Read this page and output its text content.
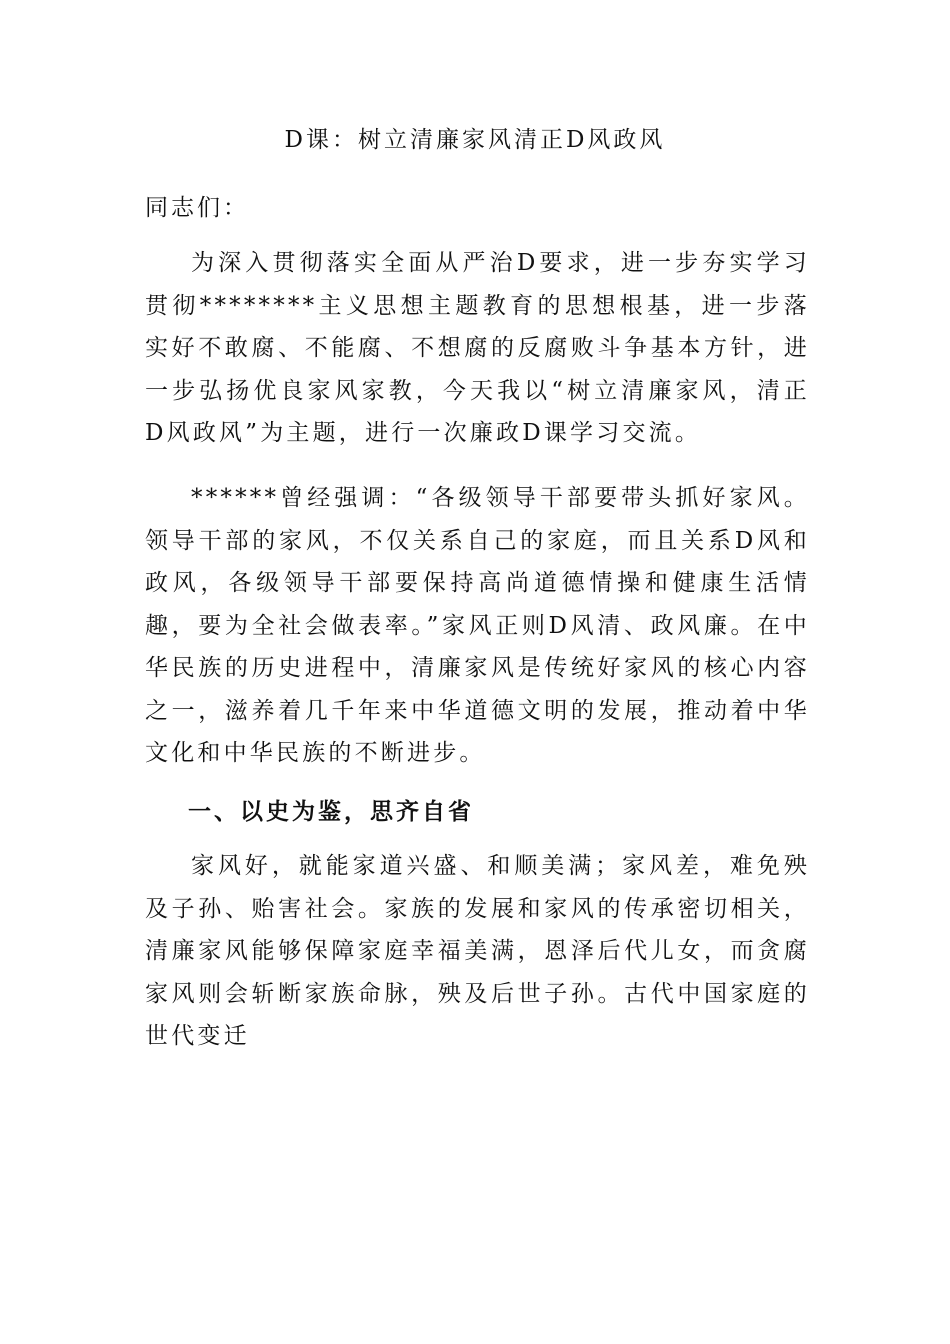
D课：树立清廉家风清正D风政风
同志们：

为深入贯彻落实全面从严治D要求，进一步夯实学习贯彻********主义思想主题教育的思想根基，进一步落实好不敢腐、不能腐、不想腐的反腐败斗争基本方针，进一步弘扬优良家风家教，今天我以“树立清廉家风，清正D风政风”为主题，进行一次廉政D课学习交流。

******曾经强调：“各级领导干部要带头抓好家风。领导干部的家风，不仅关系自己的家庭，而且关系D风和政风，各级领导干部要保持高尚道德情操和健康生活情趣，要为全社会做表率。”家风正则D风清、政风廉。在中华民族的历史进程中，清廉家风是传统好家风的核心内容之一，滋养着几千年来中华道德文明的发展，推动着中华文化和中华民族的不断进步。

一、以史为鉴，思齐自省

家风好，就能家道兴盛、和顺美满；家风差，难免殃及子孙、贻害社会。家族的发展和家风的传承密切相关，清廉家风能够保障家庭幸福美满，恩泽后代儿女，而贪腐家风则会斩断家族命脉，殃及后世子孙。古代中国家庭的世代变迁
